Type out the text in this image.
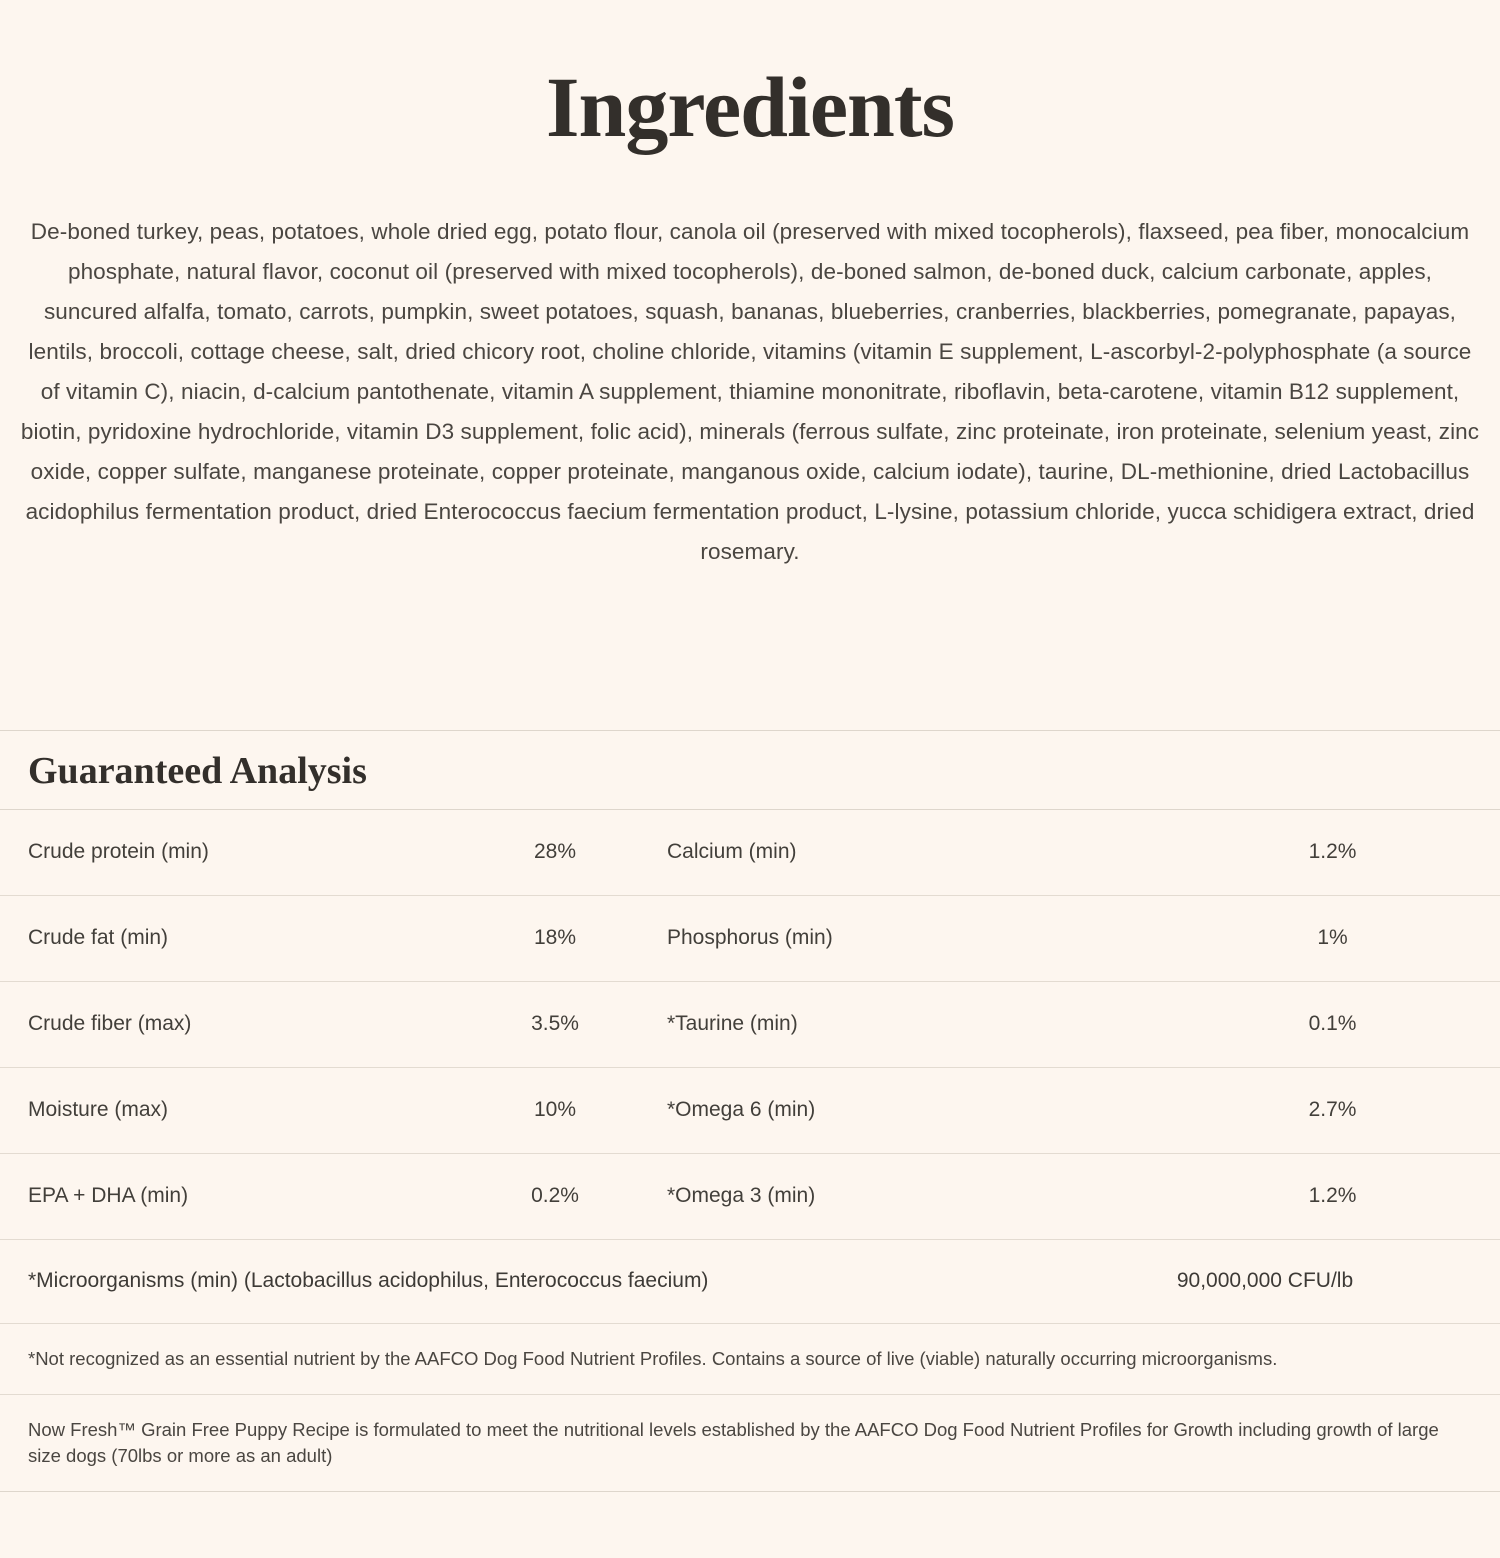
Ingredients

De-boned turkey, peas, potatoes, whole dried egg, potato flour, canola oil (preserved with mixed tocopherols), flaxseed, pea fiber, monocalcium phosphate, natural flavor, coconut oil (preserved with mixed tocopherols), de-boned salmon, de-boned duck, calcium carbonate, apples, suncured alfalfa, tomato, carrots, pumpkin, sweet potatoes, squash, bananas, blueberries, cranberries, blackberries, pomegranate, papayas, lentils, broccoli, cottage cheese, salt, dried chicory root, choline chloride, vitamins (vitamin E supplement, L-ascorbyl-2-polyphosphate (a source of vitamin C), niacin, d-calcium pantothenate, vitamin A supplement, thiamine mononitrate, riboflavin, beta-carotene, vitamin B12 supplement, biotin, pyridoxine hydrochloride, vitamin D3 supplement, folic acid), minerals (ferrous sulfate, zinc proteinate, iron proteinate, selenium yeast, zinc oxide, copper sulfate, manganese proteinate, copper proteinate, manganous oxide, calcium iodate), taurine, DL-methionine, dried Lactobacillus acidophilus fermentation product, dried Enterococcus faecium fermentation product, L-lysine, potassium chloride, yucca schidigera extract, dried rosemary.

Guaranteed Analysis
Crude protein (min)	28%	Calcium (min)	1.2%
Crude fat (min)	18%	Phosphorus (min)	1%
Crude fiber (max)	3.5%	*Taurine (min)	0.1%
Moisture (max)	10%	*Omega 6 (min)	2.7%
EPA + DHA (min)	0.2%	*Omega 3 (min)	1.2%
*Microorganisms (min) (Lactobacillus acidophilus, Enterococcus faecium)	90,000,000 CFU/lb
*Not recognized as an essential nutrient by the AAFCO Dog Food Nutrient Profiles. Contains a source of live (viable) naturally occurring microorganisms.
Now Fresh™ Grain Free Puppy Recipe is formulated to meet the nutritional levels established by the AAFCO Dog Food Nutrient Profiles for Growth including growth of large size dogs (70lbs or more as an adult)
